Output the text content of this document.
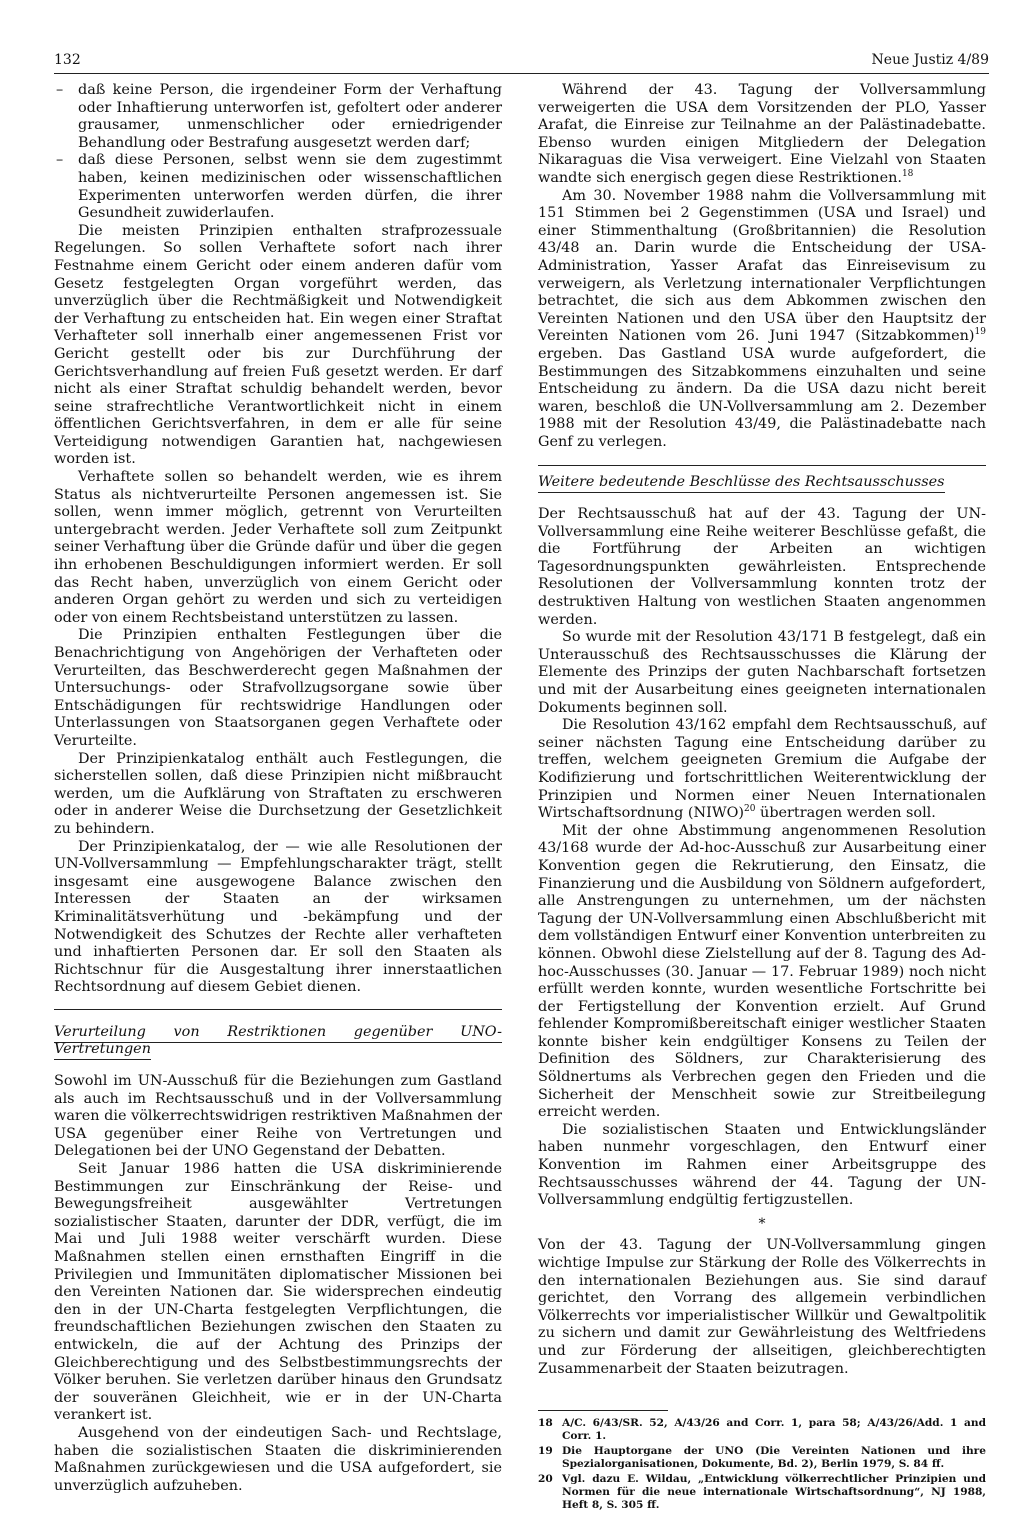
132	Neue Justiz 4/89
– daß keine Person, die irgendeiner Form der Verhaftung oder Inhaftierung unterworfen ist, gefoltert oder anderer grausamer, unmenschlicher oder erniedrigender Behandlung oder Bestrafung ausgesetzt werden darf;
– daß diese Personen, selbst wenn sie dem zugestimmt haben, keinen medizinischen oder wissenschaftlichen Experimenten unterworfen werden dürfen, die ihrer Gesundheit zuwiderlaufen.

Die meisten Prinzipien enthalten strafprozessuale Regelungen. So sollen Verhaftete sofort nach ihrer Festnahme einem Gericht oder einem anderen dafür vom Gesetz festgelegten Organ vorgeführt werden, das unverzüglich über die Rechtmäßigkeit und Notwendigkeit der Verhaftung zu entscheiden hat. Ein wegen einer Straftat Verhafteter soll innerhalb einer angemessenen Frist vor Gericht gestellt oder bis zur Durchführung der Gerichtsverhandlung auf freien Fuß gesetzt werden. Er darf nicht als einer Straftat schuldig behandelt werden, bevor seine strafrechtliche Verantwortlichkeit nicht in einem öffentlichen Gerichtsverfahren, in dem er alle für seine Verteidigung notwendigen Garantien hat, nachgewiesen worden ist.

Verhaftete sollen so behandelt werden, wie es ihrem Status als nichtverurteilte Personen angemessen ist. Sie sollen, wenn immer möglich, getrennt von Verurteilten untergebracht werden. Jeder Verhaftete soll zum Zeitpunkt seiner Verhaftung über die Gründe dafür und über die gegen ihn erhobenen Beschuldigungen informiert werden. Er soll das Recht haben, unverzüglich von einem Gericht oder anderen Organ gehört zu werden und sich zu verteidigen oder von einem Rechtsbeistand unterstützen zu lassen.

Die Prinzipien enthalten Festlegungen über die Benachrichtigung von Angehörigen der Verhafteten oder Verurteilten, das Beschwerderecht gegen Maßnahmen der Untersuchungs- oder Strafvollzugsorgane sowie über Entschädigungen für rechtswidrige Handlungen oder Unterlassungen von Staatsorganen gegen Verhaftete oder Verurteilte.

Der Prinzipienkatalog enthält auch Festlegungen, die sicherstellen sollen, daß diese Prinzipien nicht mißbraucht werden, um die Aufklärung von Straftaten zu erschweren oder in anderer Weise die Durchsetzung der Gesetzlichkeit zu behindern.

Der Prinzipienkatalog, der — wie alle Resolutionen der UN-Vollversammlung — Empfehlungscharakter trägt, stellt insgesamt eine ausgewogene Balance zwischen den Interessen der Staaten an der wirksamen Kriminalitätsverhütung und -bekämpfung und der Notwendigkeit des Schutzes der Rechte aller verhafteten und inhaftierten Personen dar. Er soll den Staaten als Richtschnur für die Ausgestaltung ihrer innerstaatlichen Rechtsordnung auf diesem Gebiet dienen.

Verurteilung von Restriktionen gegenüber UNO-Vertretungen

Sowohl im UN-Ausschuß für die Beziehungen zum Gastland als auch im Rechtsausschuß und in der Vollversammlung waren die völkerrechtswidrigen restriktiven Maßnahmen der USA gegenüber einer Reihe von Vertretungen und Delegationen bei der UNO Gegenstand der Debatten.

Seit Januar 1986 hatten die USA diskriminierende Bestimmungen zur Einschränkung der Reise- und Bewegungsfreiheit ausgewählter Vertretungen sozialistischer Staaten, darunter der DDR, verfügt, die im Mai und Juli 1988 weiter verschärft wurden. Diese Maßnahmen stellen einen ernsthaften Eingriff in die Privilegien und Immunitäten diplomatischer Missionen bei den Vereinten Nationen dar. Sie widersprechen eindeutig den in der UN-Charta festgelegten Verpflichtungen, die freundschaftlichen Beziehungen zwischen den Staaten zu entwickeln, die auf der Achtung des Prinzips der Gleichberechtigung und des Selbstbestimmungsrechts der Völker beruhen. Sie verletzen darüber hinaus den Grundsatz der souveränen Gleichheit, wie er in der UN-Charta verankert ist.

Ausgehend von der eindeutigen Sach- und Rechtslage, haben die sozialistischen Staaten die diskriminierenden Maßnahmen zurückgewiesen und die USA aufgefordert, sie unverzüglich aufzuheben.

Während der 43. Tagung der Vollversammlung verweigerten die USA dem Vorsitzenden der PLO, Yasser Arafat, die Einreise zur Teilnahme an der Palästinadebatte. Ebenso wurden einigen Mitgliedern der Delegation Nikaraguas die Visa verweigert. Eine Vielzahl von Staaten wandte sich energisch gegen diese Restriktionen.$^{18}$

Am 30. November 1988 nahm die Vollversammlung mit 151 Stimmen bei 2 Gegenstimmen (USA und Israel) und einer Stimmenthaltung (Großbritannien) die Resolution 43/48 an. Darin wurde die Entscheidung der USA-Administration, Yasser Arafat das Einreisevisum zu verweigern, als Verletzung internationaler Verpflichtungen betrachtet, die sich aus dem Abkommen zwischen den Vereinten Nationen und den USA über den Hauptsitz der Vereinten Nationen vom 26. Juni 1947 (Sitzabkommen)$^{19}$ ergeben. Das Gastland USA wurde aufgefordert, die Bestimmungen des Sitzabkommens einzuhalten und seine Entscheidung zu ändern. Da die USA dazu nicht bereit waren, beschloß die UN-Vollversammlung am 2. Dezember 1988 mit der Resolution 43/49, die Palästinadebatte nach Genf zu verlegen.

Weitere bedeutende Beschlüsse des Rechtsausschusses

Der Rechtsausschuß hat auf der 43. Tagung der UN-Vollversammlung eine Reihe weiterer Beschlüsse gefaßt, die die Fortführung der Arbeiten an wichtigen Tagesordnungspunkten gewährleisten. Entsprechende Resolutionen der Vollversammlung konnten trotz der destruktiven Haltung von westlichen Staaten angenommen werden.

So wurde mit der Resolution 43/171 B festgelegt, daß ein Unterausschuß des Rechtsausschusses die Klärung der Elemente des Prinzips der guten Nachbarschaft fortsetzen und mit der Ausarbeitung eines geeigneten internationalen Dokuments beginnen soll.

Die Resolution 43/162 empfahl dem Rechtsausschuß, auf seiner nächsten Tagung eine Entscheidung darüber zu treffen, welchem geeigneten Gremium die Aufgabe der Kodifizierung und fortschrittlichen Weiterentwicklung der Prinzipien und Normen einer Neuen Internationalen Wirtschaftsordnung (NIWO)$^{20}$ übertragen werden soll.

Mit der ohne Abstimmung angenommenen Resolution 43/168 wurde der Ad-hoc-Ausschuß zur Ausarbeitung einer Konvention gegen die Rekrutierung, den Einsatz, die Finanzierung und die Ausbildung von Söldnern aufgefordert, alle Anstrengungen zu unternehmen, um der nächsten Tagung der UN-Vollversammlung einen Abschlußbericht mit dem vollständigen Entwurf einer Konvention unterbreiten zu können. Obwohl diese Zielstellung auf der 8. Tagung des Ad-hoc-Ausschusses (30. Januar — 17. Februar 1989) noch nicht erfüllt werden konnte, wurden wesentliche Fortschritte bei der Fertigstellung der Konvention erzielt. Auf Grund fehlender Kompromißbereitschaft einiger westlicher Staaten konnte bisher kein endgültiger Konsens zu Teilen der Definition des Söldners, zur Charakterisierung des Söldnertums als Verbrechen gegen den Frieden und die Sicherheit der Menschheit sowie zur Streitbeilegung erreicht werden.

Die sozialistischen Staaten und Entwicklungsländer haben nunmehr vorgeschlagen, den Entwurf einer Konvention im Rahmen einer Arbeitsgruppe des Rechtsausschusses während der 44. Tagung der UN-Vollversammlung endgültig fertigzustellen.

*

Von der 43. Tagung der UN-Vollversammlung gingen wichtige Impulse zur Stärkung der Rolle des Völkerrechts in den internationalen Beziehungen aus. Sie sind darauf gerichtet, den Vorrang des allgemein verbindlichen Völkerrechts vor imperialistischer Willkür und Gewaltpolitik zu sichern und damit zur Gewährleistung des Weltfriedens und zur Förderung der allseitigen, gleichberechtigten Zusammenarbeit der Staaten beizutragen.

18 A/C. 6/43/SR. 52, A/43/26 and Corr. 1, para 58; A/43/26/Add. 1 and Corr. 1.
19 Die Hauptorgane der UNO (Die Vereinten Nationen und ihre Spezialorganisationen, Dokumente, Bd. 2), Berlin 1979, S. 84 ff.
20 Vgl. dazu E. Wildau, „Entwicklung völkerrechtlicher Prinzipien und Normen für die neue internationale Wirtschaftsordnung“, NJ 1988, Heft 8, S. 305 ff.
